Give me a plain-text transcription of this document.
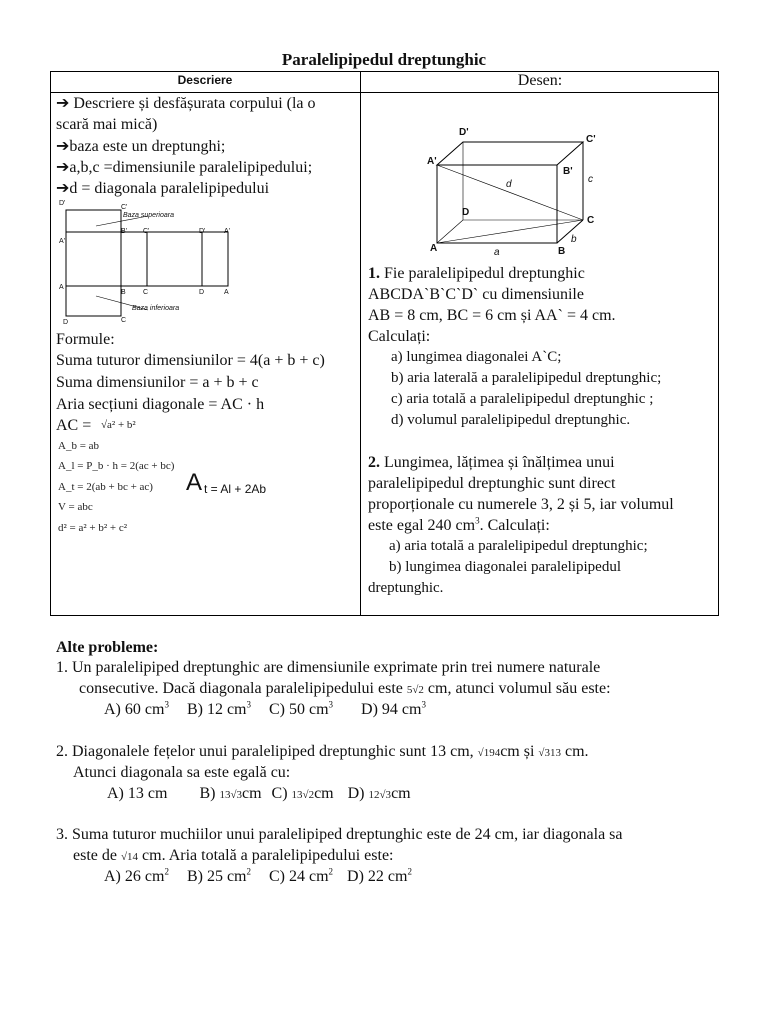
Paralelipipedul dreptunghic
Descriere	Desen:
➔ Descriere și desfășurata corpului (la o
scară mai mică)
➔baza este un dreptunghi;
➔a,b,c =dimensiunile paralelipipedului;
➔d = diagonala paralelipipedului
D'
C'
Baza superioara
A'
B' C'	D'	A'
A
B C	D	A
Baza inferioara
D	C
Formule:
Suma tuturor dimensiunilor = 4(a + b + c)
Suma dimensiunilor = a + b + c
Aria secțiuni diagonale = AC · h
AC = √a² + b²
A_b = ab
A_l = P_b · h = 2(ac + bc)
A_t = 2(ab + bc + ac) A t = Al + 2Ab
V = abc
d² = a² + b² + c²
D'
C'
A'
B'
c
d
D
C
A	a	B
b
1. Fie paralelipipedul dreptunghic
ABCDA`B`C`D` cu dimensiunile
AB = 8 cm, BC = 6 cm și AA` = 4 cm.
Calculați:
a) lungimea diagonalei A`C;
b) aria laterală a paralelipipedul dreptunghic;
c) aria totală a paralelipipedul dreptunghic ;
d) volumul paralelipipedul dreptunghic.
2. Lungimea, lățimea și înălțimea unui
paralelipipedul dreptunghic sunt direct
proporționale cu numerele 3, 2 și 5, iar volumul
este egal 240 $cm^3$. Calculați:
a) aria totală a paralelipipedul dreptunghic;
b) lungimea diagonalei paralelipipedul
dreptunghic.
Alte probleme:
1. Un paralelipiped dreptunghic are dimensiunile exprimate prin trei numere naturale
consecutive. Dacă diagonala paralelipipedului este 5√2 cm, atunci volumul său este:
A) 60 $cm^3$ B) 12 $cm^3$ C) 50 $cm^3$ D) 94 $cm^3$
2. Diagonalele fețelor unui paralelipiped dreptunghic sunt 13 cm, √194cm și √313 cm.
Atunci diagonala sa este egală cu:
A) 13 cm B) 13√3cm C) 13√2cm D) 12√3cm
3. Suma tuturor muchiilor unui paralelipiped dreptunghic este de 24 cm, iar diagonala sa
este de √14 cm. Aria totală a paralelipipedului este:
A) 26 $cm^2$ B) 25 $cm^2$ C) 24 $cm^2$ D) 22 $cm^2$
